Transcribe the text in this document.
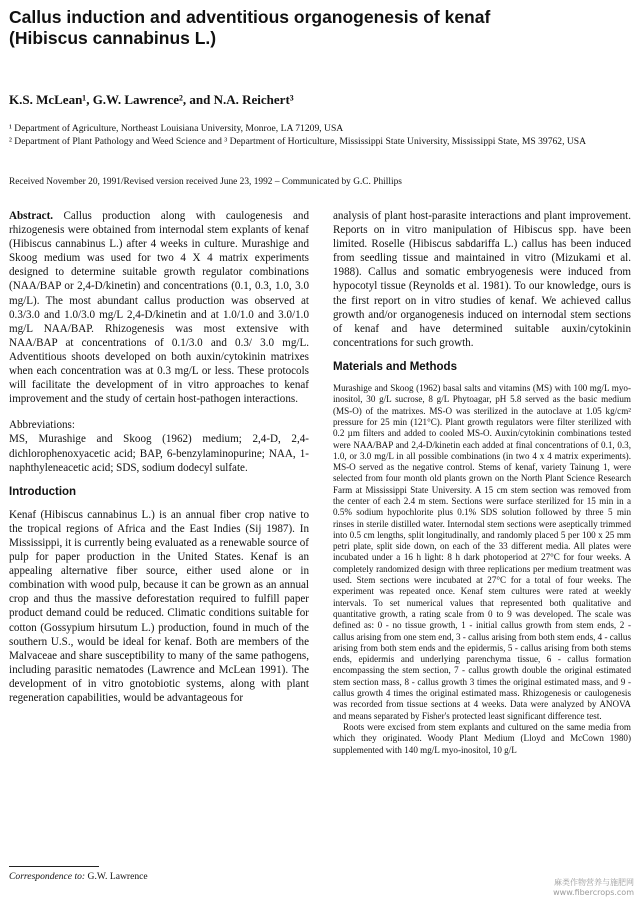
Callus induction and adventitious organogenesis of kenaf
(Hibiscus cannabinus L.)

K.S. McLean¹, G.W. Lawrence², and N.A. Reichert³

¹ Department of Agriculture, Northeast Louisiana University, Monroe, LA 71209, USA
² Department of Plant Pathology and Weed Science and ³ Department of Horticulture, Mississippi State University, Mississippi State, MS 39762, USA

Received November 20, 1991/Revised version received June 23, 1992 – Communicated by G.C. Phillips

Abstract. Callus production along with caulogenesis and rhizogenesis were obtained from internodal stem explants of kenaf (Hibiscus cannabinus L.) after 4 weeks in culture. Murashige and Skoog medium was used for two 4 X 4 matrix experiments designed to determine suitable growth regulator combinations (NAA/BAP or 2,4-D/kinetin) and concentrations (0.1, 0.3, 1.0, 3.0 mg/L). The most abundant callus production was observed at 0.3/3.0 and 1.0/3.0 mg/L 2,4-D/kinetin and at 1.0/1.0 and 3.0/1.0 mg/L NAA/BAP. Rhizogenesis was most extensive with NAA/BAP at concentrations of 0.1/3.0 and 0.3/ 3.0 mg/L. Adventitious shoots developed on both auxin/cytokinin matrixes when each concentration was at 0.3 mg/L or less. These protocols will facilitate the development of in vitro approaches to kenaf improvement and the study of certain host-pathogen interactions.

Abbreviations:
MS, Murashige and Skoog (1962) medium; 2,4-D, 2,4-dichlorophenoxyacetic acid; BAP, 6-benzylaminopurine; NAA, 1-naphthyleneacetic acid; SDS, sodium dodecyl sulfate.

Introduction

Kenaf (Hibiscus cannabinus L.) is an annual fiber crop native to the tropical regions of Africa and the East Indies (Sij 1987). In Mississippi, it is currently being evaluated as a renewable source of pulp for paper production in the United States. Kenaf is an appealing alternative fiber source, either used alone or in combination with wood pulp, because it can be grown as an annual crop and thus the massive deforestation required to fulfill paper product demand could be reduced. Climatic conditions suitable for cotton (Gossypium hirsutum L.) production, found in much of the southern U.S., would be ideal for kenaf. Both are members of the Malvaceae and share susceptibility to many of the same pathogens, including parasitic nematodes (Lawrence and McLean 1991). The development of in vitro gnotobiotic systems, along with plant regeneration capabilities, would be advantageous for

analysis of plant host-parasite interactions and plant improvement. Reports on in vitro manipulation of Hibiscus spp. have been limited. Roselle (Hibiscus sabdariffa L.) callus has been induced from seedling tissue and maintained in vitro (Mizukami et al. 1988). Callus and somatic embryogenesis were induced from hypocotyl tissue (Reynolds et al. 1981). To our knowledge, ours is the first report on in vitro studies of kenaf. We achieved callus growth and/or organogenesis induced on internodal stem sections of kenaf and have determined suitable auxin/cytokinin concentrations for such growth.

Materials and Methods

Murashige and Skoog (1962) basal salts and vitamins (MS) with 100 mg/L myo-inositol, 30 g/L sucrose, 8 g/L Phytoagar, pH 5.8 served as the basic medium (MS-O) of the matrixes. MS-O was sterilized in the autoclave at 1.05 kg/cm² pressure for 25 min (121°C). Plant growth regulators were filter sterilized with 0.2 µm filters and added to cooled MS-O. Auxin/cytokinin combinations tested were NAA/BAP and 2,4-D/kinetin each added at final concentrations of 0.1, 0.3, 1.0, or 3.0 mg/L in all possible combinations (in two 4 x 4 matrix experiments). MS-O served as the negative control. Stems of kenaf, variety Tainung 1, were selected from four month old plants grown on the North Plant Science Research Farm at Mississippi State University. A 15 cm stem section was removed from the center of each 2.4 m stem. Sections were surface sterilized for 15 min in a 0.5% sodium hypochlorite plus 0.1% SDS solution followed by three 5 min rinses in sterile distilled water. Internodal stem sections were aseptically trimmed into 0.5 cm lengths, split longitudinally, and randomly placed 5 per 100 x 25 mm petri plate, split side down, on each of the 33 different media. All plates were incubated under a 16 h light: 8 h dark photoperiod at 27°C for four weeks. A completely randomized design with three replications per medium treatment was used. Stem sections were incubated at 27°C for a total of four weeks. The experiment was repeated once. Kenaf stem cultures were rated at weekly intervals. To set numerical values that represented both qualitative and quantitative growth, a rating scale from 0 to 9 was developed. The scale was defined as: 0 - no tissue growth, 1 - initial callus growth from stem ends, 2 - callus arising from one stem end, 3 - callus arising from both stem ends, 4 - callus arising from both stem ends and the epidermis, 5 - callus arising from both stems ends, epidermis and underlying parenchyma tissue, 6 - callus formation encompassing the stem section, 7 - callus growth double the original estimated stem section mass, 8 - callus growth 3 times the original estimated mass, and 9 - callus growth 4 times the original estimated mass. Rhizogenesis or caulogenesis was recorded from tissue sections at 4 weeks. Data were analyzed by ANOVA and means separated by Fisher's protected least significant difference test.

Roots were excised from stem explants and cultured on the same media from which they originated. Woody Plant Medium (Lloyd and McCown 1980) supplemented with 140 mg/L myo-inositol, 10 g/L

Correspondence to: G.W. Lawrence

麻类作物营养与施肥网
www.fibercrops.com
